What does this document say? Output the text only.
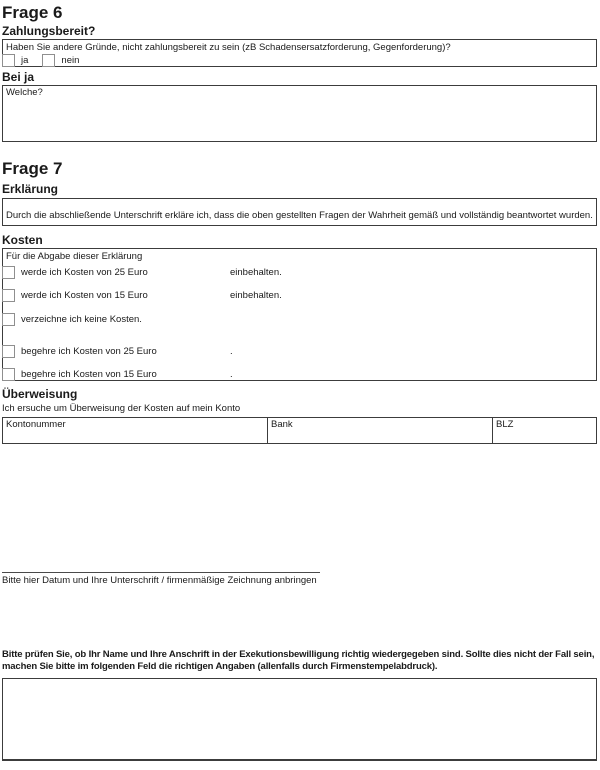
Frage 6
Zahlungsbereit?
Haben Sie andere Gründe, nicht zahlungsbereit zu sein (zB Schadensersatzforderung, Gegenforderung)?
ja	nein
Bei ja
Welche?
Frage 7
Erklärung
Durch die abschließende Unterschrift erkläre ich, dass die oben gestellten Fragen der Wahrheit gemäß und vollständig beantwortet wurden.
Kosten
Für die Abgabe dieser Erklärung
werde ich Kosten von 25 Euro	einbehalten.
werde ich Kosten von 15 Euro	einbehalten.
verzeichne ich keine Kosten.
begehre ich Kosten von 25 Euro	.
begehre ich Kosten von 15 Euro	.
Überweisung
Ich ersuche um Überweisung der Kosten auf mein Konto
Kontonummer	Bank	BLZ
Bitte hier Datum und Ihre Unterschrift / firmenmäßige Zeichnung anbringen
Bitte prüfen Sie, ob Ihr Name und Ihre Anschrift in der Exekutionsbewilligung richtig wiedergegeben sind. Sollte dies nicht der Fall sein, machen Sie bitte im folgenden Feld die richtigen Angaben (allenfalls durch Firmenstempelabdruck).
